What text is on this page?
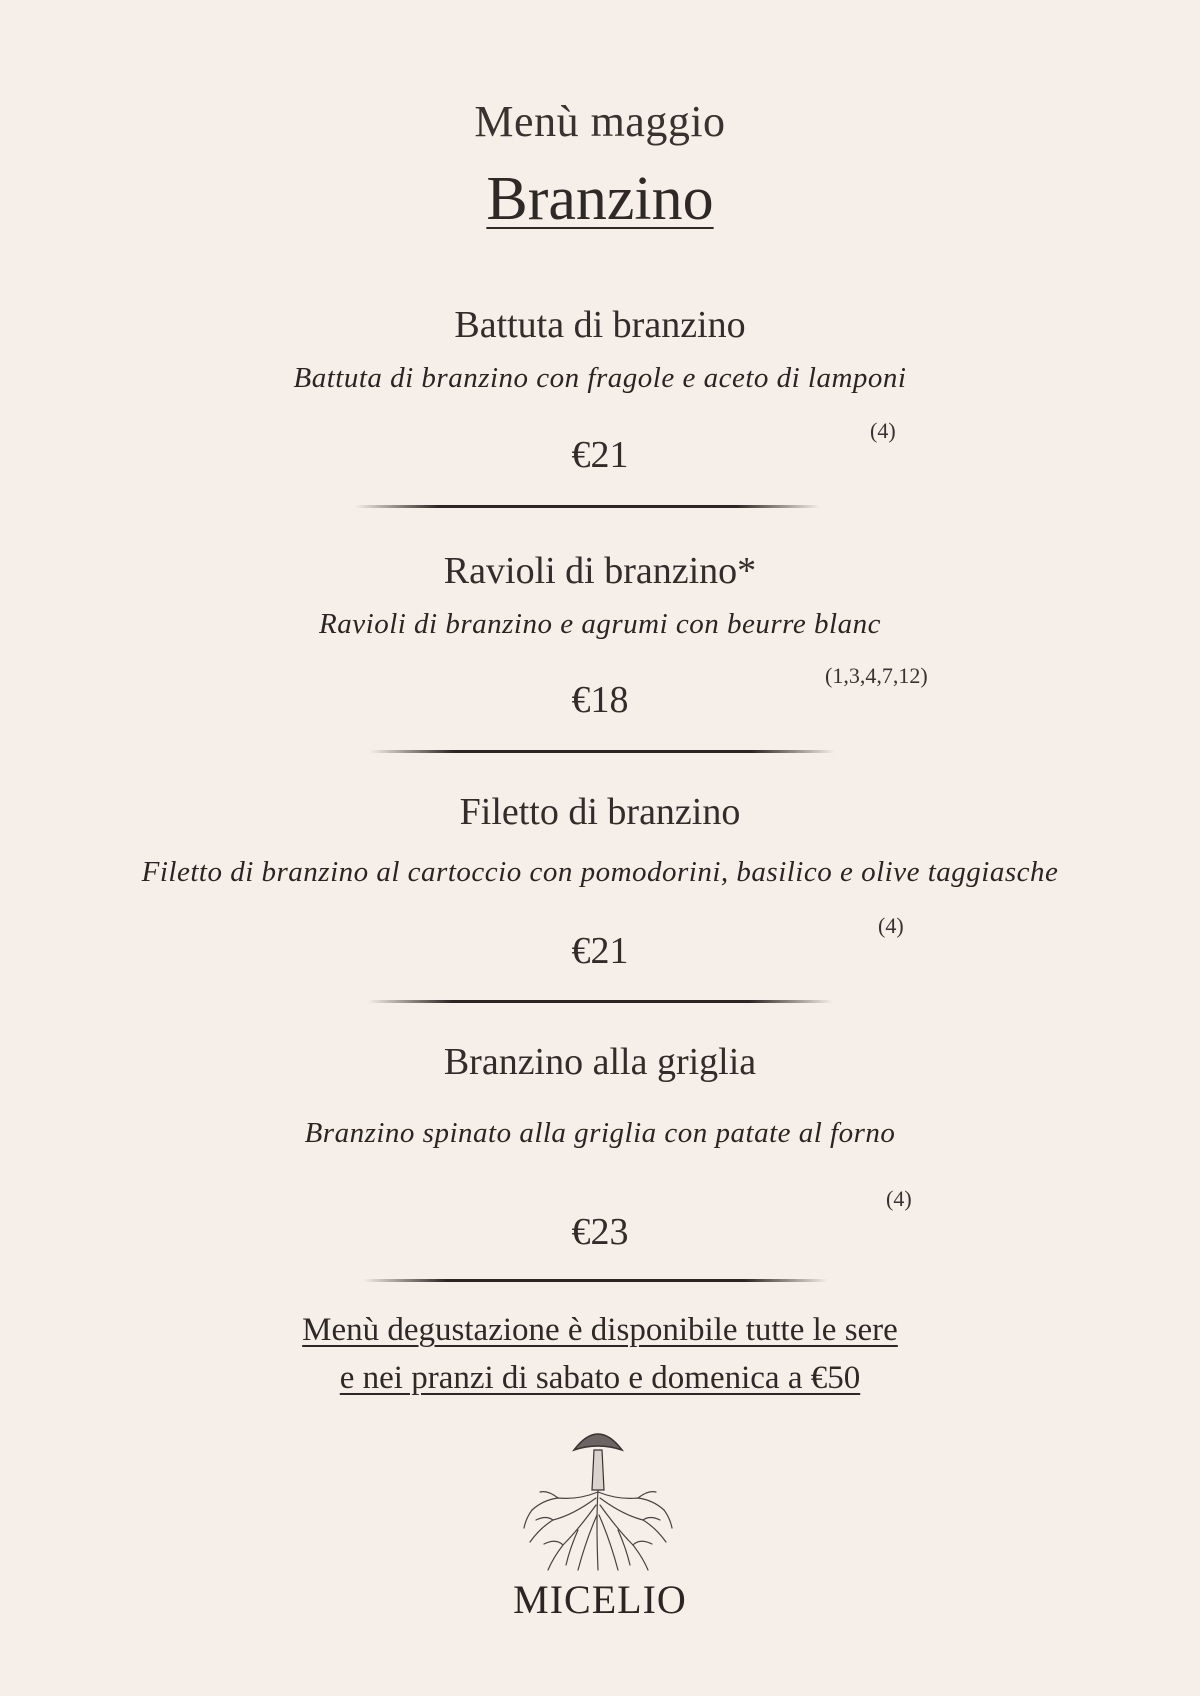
Menù maggio
Branzino
Battuta di branzino
Battuta di branzino con fragole e aceto di lamponi
€21
(4)
Ravioli di branzino*
Ravioli di branzino e agrumi con beurre blanc
€18
(1,3,4,7,12)
Filetto di branzino
Filetto di branzino al cartoccio con pomodorini, basilico e olive taggiasche
€21
(4)
Branzino alla griglia
Branzino spinato alla griglia con patate al forno
€23
(4)
Menù degustazione è disponibile tutte le sere
e nei pranzi di sabato e domenica a €50
MICELIO
